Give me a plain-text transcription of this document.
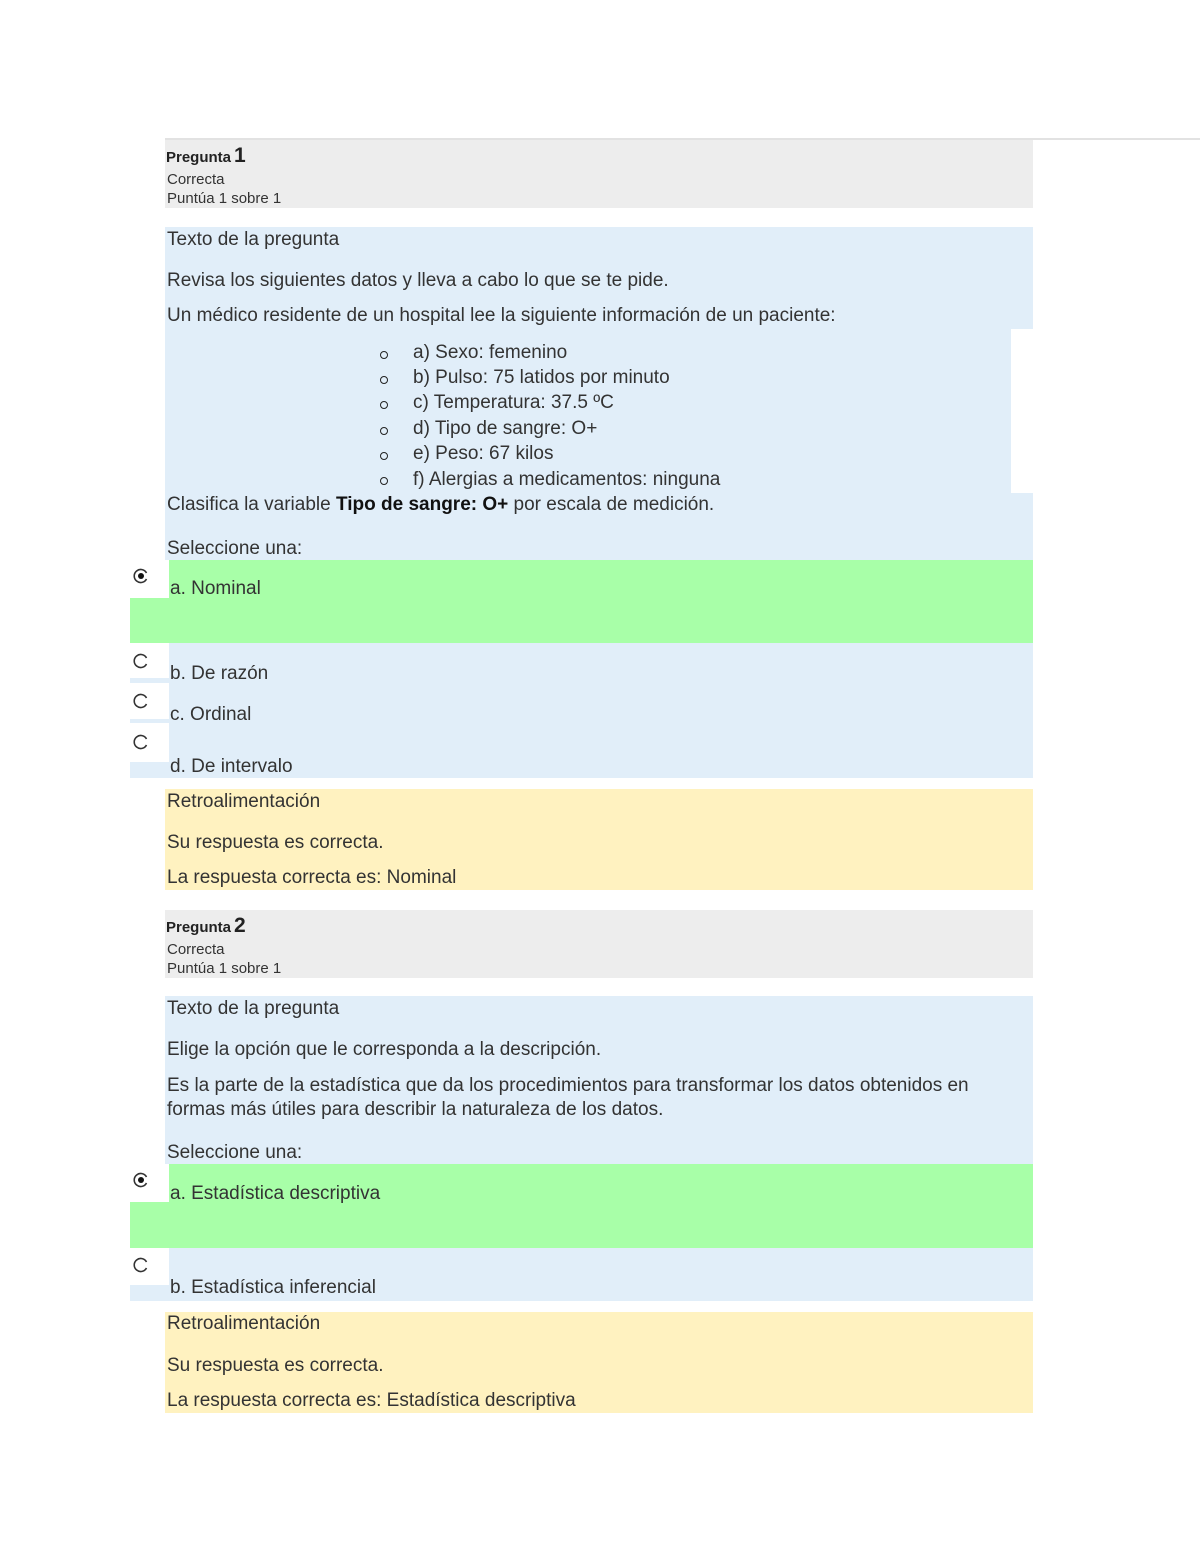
Pregunta 1
Correcta
Puntúa 1 sobre 1
Texto de la pregunta
Revisa los siguientes datos y lleva a cabo lo que se te pide.
Un médico residente de un hospital lee la siguiente información de un paciente:
a) Sexo: femenino
b) Pulso: 75 latidos por minuto
c) Temperatura: 37.5 ºC
d) Tipo de sangre: O+
e) Peso: 67 kilos
f) Alergias a medicamentos: ninguna
Clasifica la variable Tipo de sangre: O+ por escala de medición.
Seleccione una:
a. Nominal
b. De razón
c. Ordinal
d. De intervalo
Retroalimentación
Su respuesta es correcta.
La respuesta correcta es: Nominal
Pregunta 2
Correcta
Puntúa 1 sobre 1
Texto de la pregunta
Elige la opción que le corresponda a la descripción.
Es la parte de la estadística que da los procedimientos para transformar los datos obtenidos en formas más útiles para describir la naturaleza de los datos.
Seleccione una:
a. Estadística descriptiva
b. Estadística inferencial
Retroalimentación
Su respuesta es correcta.
La respuesta correcta es: Estadística descriptiva
